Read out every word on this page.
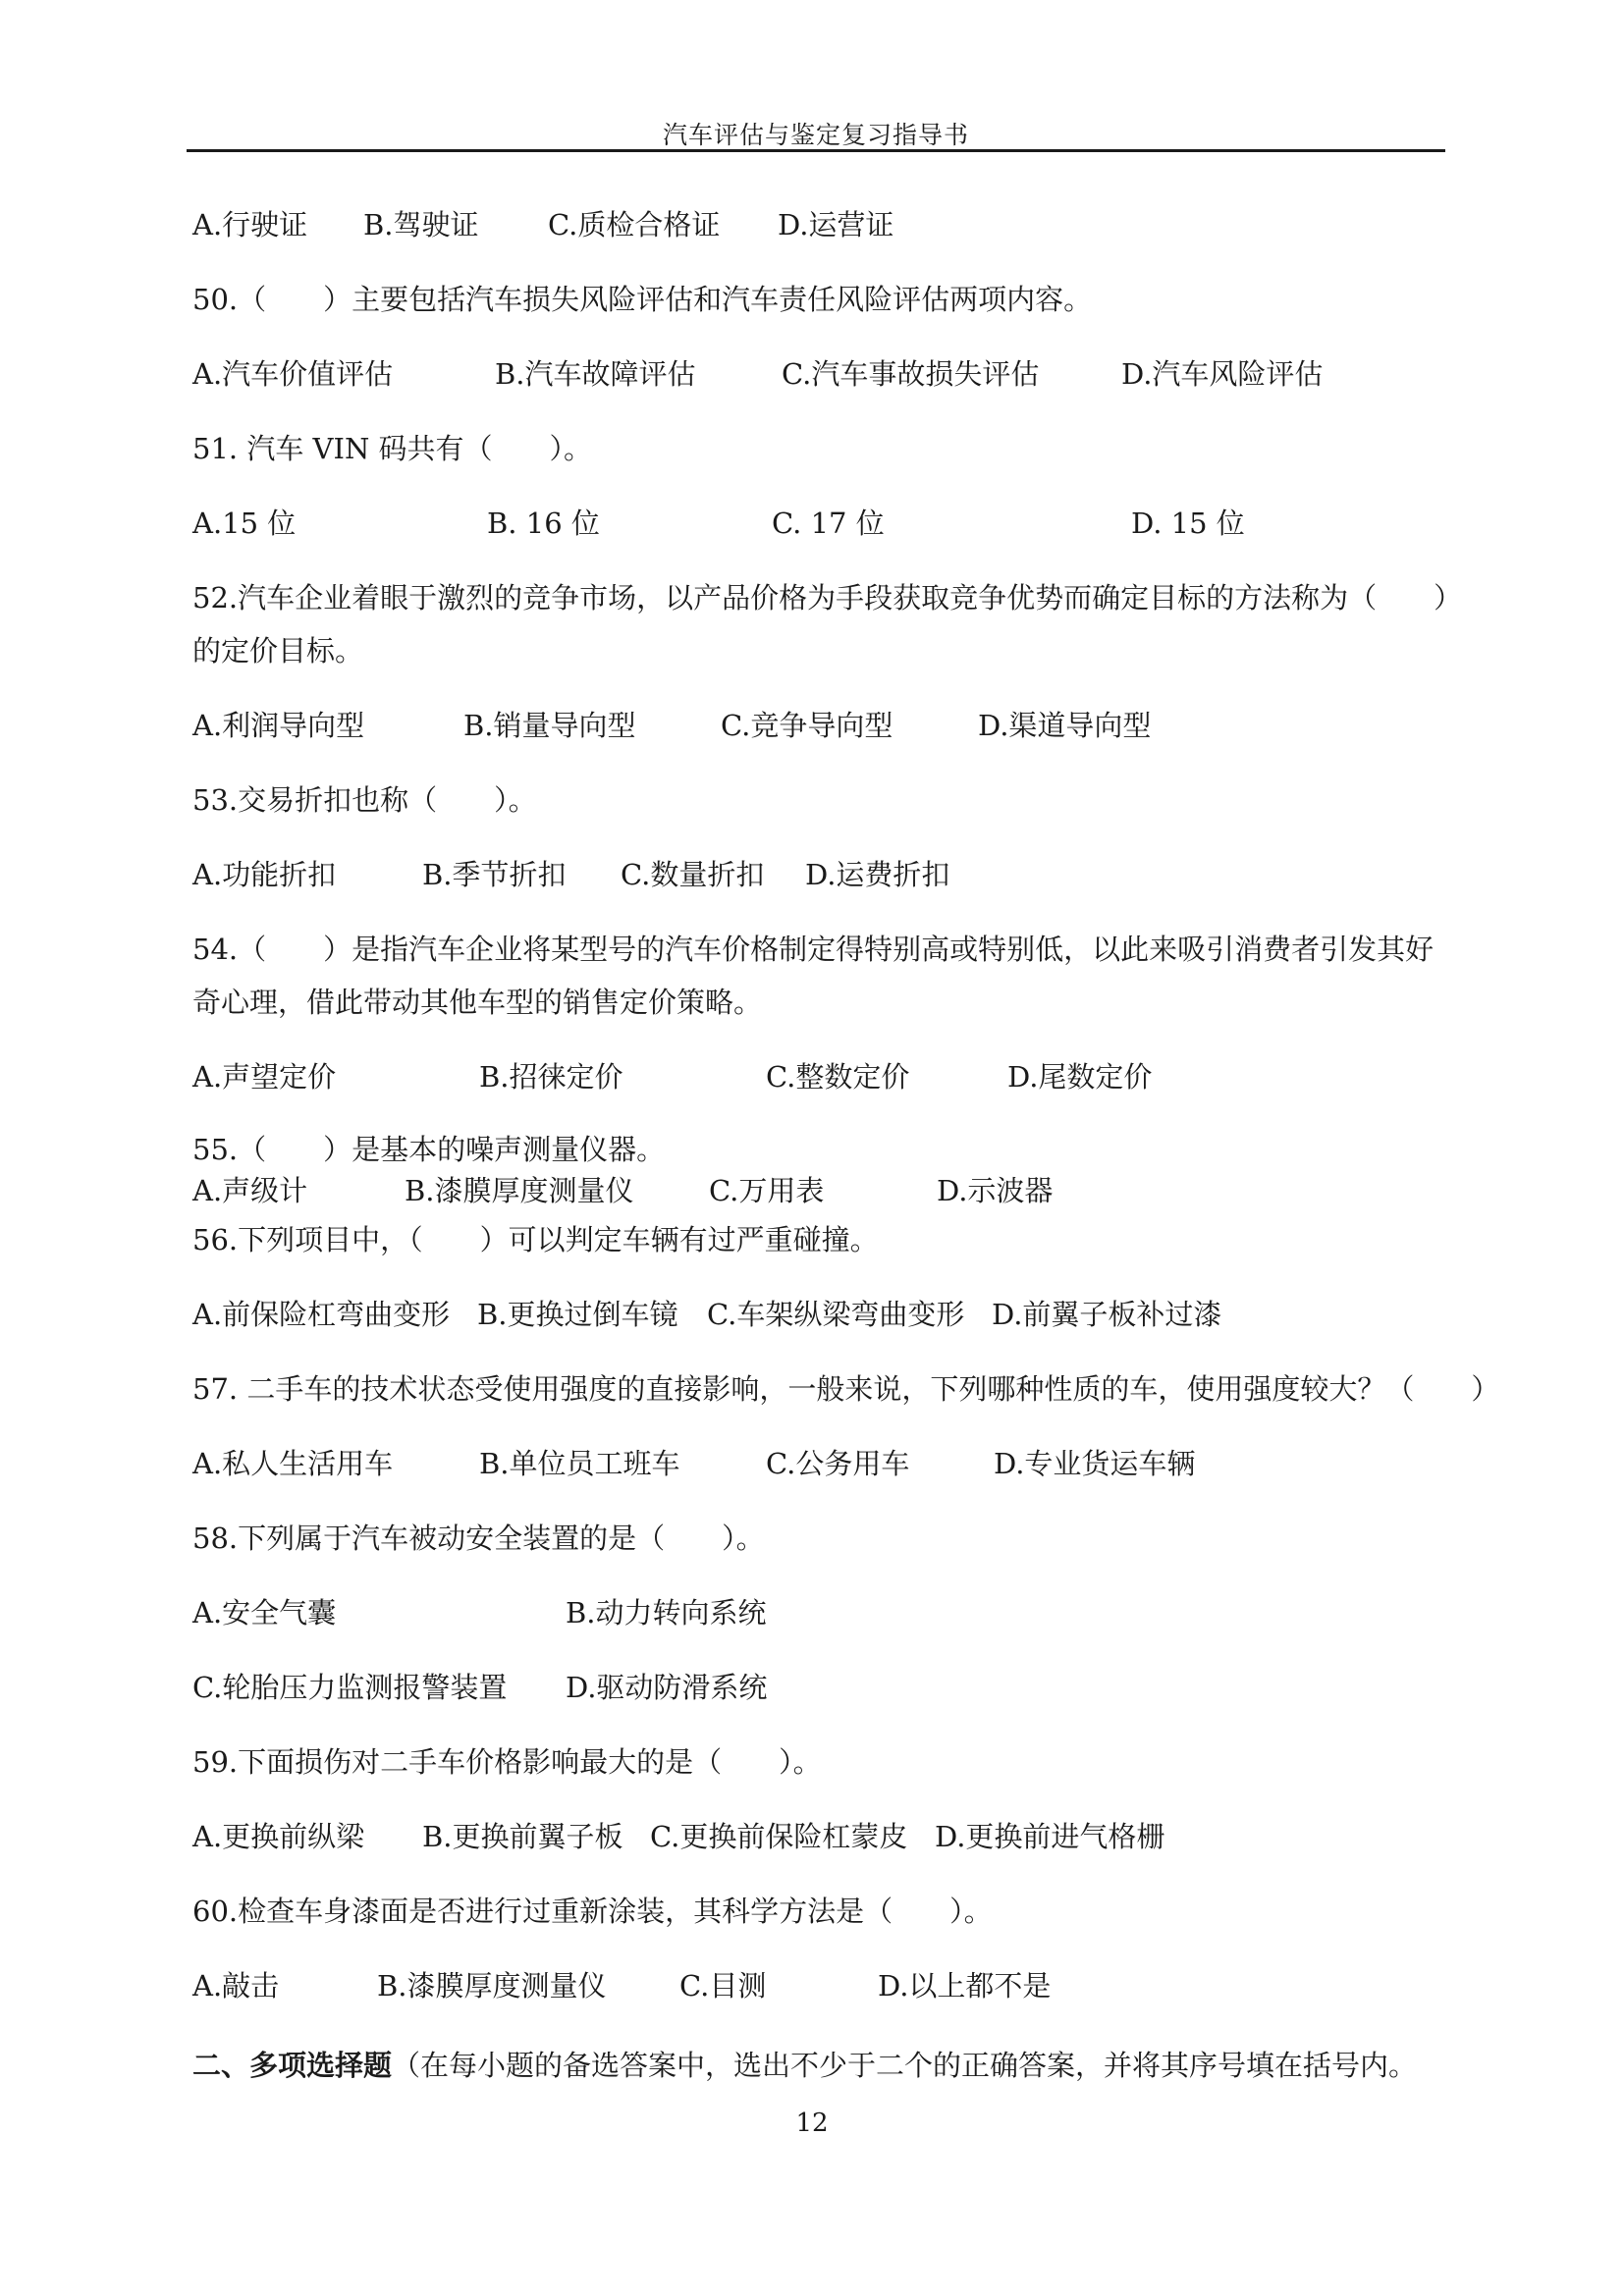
汽车评估与鉴定复习指导书
A.行驶证 B.驾驶证 C.质检合格证 D.运营证
50.（　　）主要包括汽车损失风险评估和汽车责任风险评估两项内容。
A.汽车价值评估	B.汽车故障评估	C.汽车事故损失评估	D.汽车风险评估
51. 汽车 VIN 码共有（　　）。
A.15 位	B. 16 位	C. 17 位	D. 15 位
52.汽车企业着眼于激烈的竞争市场，以产品价格为手段获取竞争优势而确定目标的方法称为（　　）
的定价目标。
A.利润导向型	B.销量导向型	C.竞争导向型	D.渠道导向型
53.交易折扣也称（　　）。
A.功能折扣	B.季节折扣 C.数量折扣 D.运费折扣
54.（　　）是指汽车企业将某型号的汽车价格制定得特别高或特别低，以此来吸引消费者引发其好
奇心理，借此带动其他车型的销售定价策略。
A.声望定价	B.招徕定价	C.整数定价	D.尾数定价
55.（　　）是基本的噪声测量仪器。
A.声级计	B.漆膜厚度测量仪	C.万用表	D.示波器
56.下列项目中，（　　）可以判定车辆有过严重碰撞。
A.前保险杠弯曲变形 B.更换过倒车镜 C.车架纵梁弯曲变形 D.前翼子板补过漆
57. 二手车的技术状态受使用强度的直接影响，一般来说，下列哪种性质的车，使用强度较大？（　　）
A.私人生活用车	B.单位员工班车	C.公务用车	D.专业货运车辆
58.下列属于汽车被动安全装置的是（　　）。
A.安全气囊	B.动力转向系统
C.轮胎压力监测报警装置 D.驱动防滑系统
59.下面损伤对二手车价格影响最大的是（　　）。
A.更换前纵梁 B.更换前翼子板 C.更换前保险杠蒙皮 D.更换前进气格栅
60.检查车身漆面是否进行过重新涂装，其科学方法是（　　）。
A.敲击	B.漆膜厚度测量仪	C.目测	D.以上都不是
二、多项选择题（在每小题的备选答案中，选出不少于二个的正确答案，并将其序号填在括号内。
12
